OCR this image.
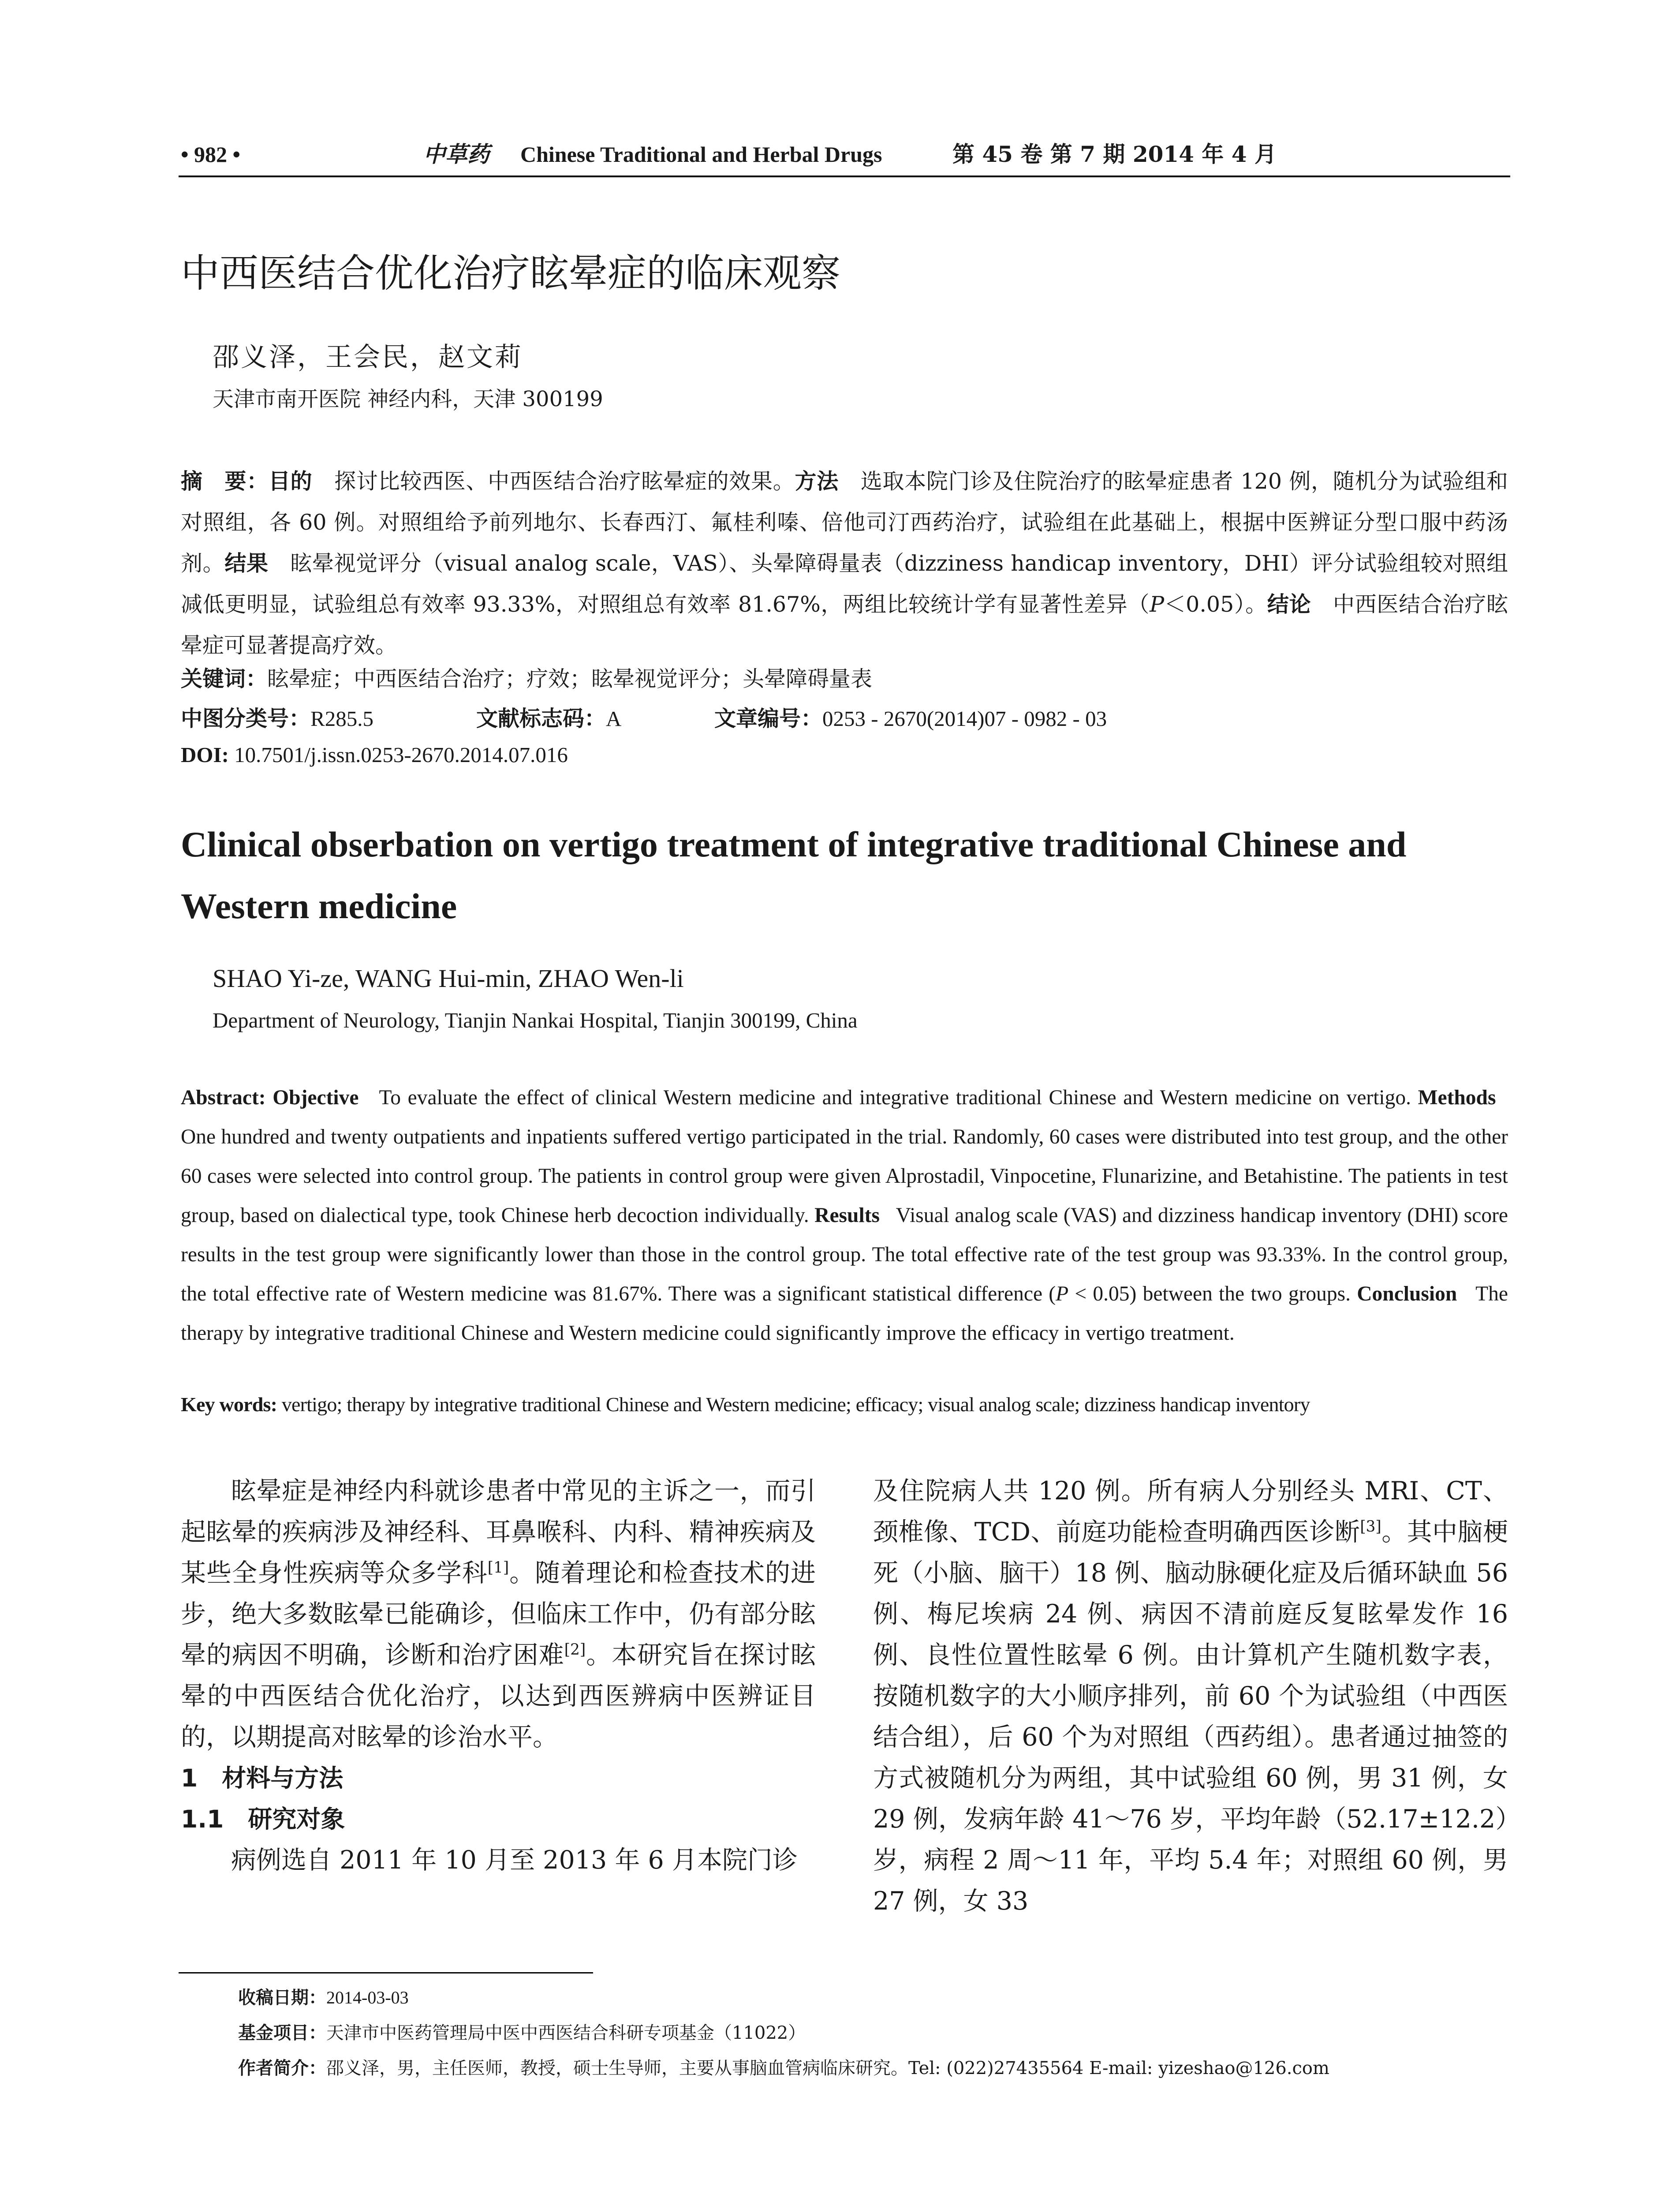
• 982 •	中草药 Chinese Traditional and Herbal Drugs	第 45 卷 第 7 期 2014 年 4 月
中西医结合优化治疗眩晕症的临床观察
邵义泽，王会民，赵文莉
天津市南开医院 神经内科，天津 300199
摘　要：目的　 探讨比较西医、中西医结合治疗眩晕症的效果。方法　 选取本院门诊及住院治疗的眩晕症患者 120 例，随机分为试验组和对照组，各 60 例。对照组给予前列地尔、长春西汀、氟桂利嗪、倍他司汀西药治疗，试验组在此基础上，根据中医辨证分型口服中药汤剂。结果　 眩晕视觉评分（visual analog scale，VAS）、头晕障碍量表（dizziness handicap inventory，DHI）评分试验组较对照组减低更明显，试验组总有效率 93.33%，对照组总有效率 81.67%，两组比较统计学有显著性差异（P＜0.05）。结论　 中西医结合治疗眩晕症可显著提高疗效。
关键词：眩晕症；中西医结合治疗；疗效；眩晕视觉评分；头晕障碍量表
中图分类号：R285.5	文献标志码：A	文章编号：0253 - 2670(2014)07 - 0982 - 03
DOI: 10.7501/j.issn.0253-2670.2014.07.016
Clinical obserbation on vertigo treatment of integrative traditional Chinese and Western medicine
SHAO Yi-ze, WANG Hui-min, ZHAO Wen-li
Department of Neurology, Tianjin Nankai Hospital, Tianjin 300199, China
Abstract: Objective To evaluate the effect of clinical Western medicine and integrative traditional Chinese and Western medicine on vertigo. Methods   One hundred and twenty outpatients and inpatients suffered vertigo participated in the trial. Randomly, 60 cases were distributed into test group, and the other 60 cases were selected into control group. The patients in control group were given Alprostadil, Vinpocetine, Flunarizine, and Betahistine. The patients in test group, based on dialectical type, took Chinese herb decoction individually. Results Visual analog scale (VAS) and dizziness handicap inventory (DHI) score results in the test group were significantly lower than those in the control group. The total effective rate of the test group was 93.33%. In the control group, the total effective rate of Western medicine was 81.67%. There was a significant statistical difference (P < 0.05) between the two groups. Conclusion The therapy by integrative traditional Chinese and Western medicine could significantly improve the efficacy in vertigo treatment.
Key words: vertigo; therapy by integrative traditional Chinese and Western medicine; efficacy; visual analog scale; dizziness handicap inventory
眩晕症是神经内科就诊患者中常见的主诉之一，而引起眩晕的疾病涉及神经科、耳鼻喉科、内科、精神疾病及某些全身性疾病等众多学科[1]。随着理论和检查技术的进步，绝大多数眩晕已能确诊，但临床工作中，仍有部分眩晕的病因不明确，诊断和治疗困难[2]。本研究旨在探讨眩晕的中西医结合优化治疗，以达到西医辨病中医辨证目的，以期提高对眩晕的诊治水平。
1　材料与方法
1.1　研究对象
病例选自 2011 年 10 月至 2013 年 6 月本院门诊
及住院病人共 120 例。所有病人分别经头 MRI、CT、颈椎像、TCD、前庭功能检查明确西医诊断[3]。其中脑梗死（小脑、脑干）18 例、脑动脉硬化症及后循环缺血 56 例、梅尼埃病 24 例、病因不清前庭反复眩晕发作 16 例、良性位置性眩晕 6 例。由计算机产生随机数字表，按随机数字的大小顺序排列，前 60 个为试验组（中西医结合组），后 60 个为对照组（西药组）。患者通过抽签的方式被随机分为两组，其中试验组 60 例，男 31 例，女 29 例，发病年龄 41～76 岁，平均年龄（52.17±12.2）岁，病程 2 周～11 年，平均 5.4 年；对照组 60 例，男 27 例，女 33
收稿日期：2014-03-03
基金项目：天津市中医药管理局中医中西医结合科研专项基金（11022）
作者简介：邵义泽，男，主任医师，教授，硕士生导师，主要从事脑血管病临床研究。Tel: (022)27435564 E-mail: yizeshao@126.com
